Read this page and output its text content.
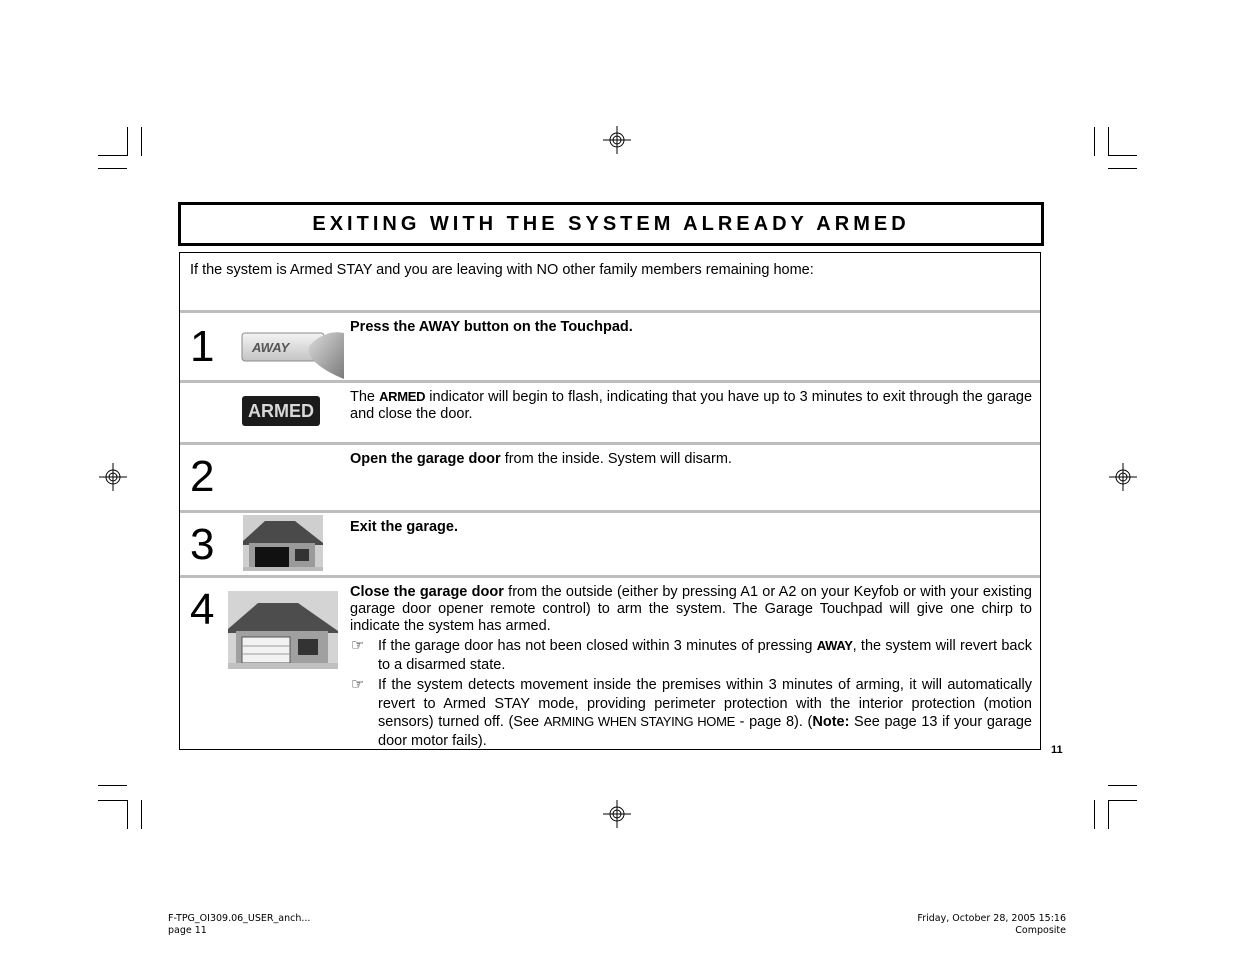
EXITING WITH THE SYSTEM ALREADY ARMED
If the system is Armed STAY and you are leaving with NO other family members remaining home:
1	AWAY
Press the AWAY button on the Touchpad.
ARMED
The ARMED indicator will begin to flash, indicating that you have up to 3 minutes to exit through the garage and close the door.
2	Open the garage door from the inside. System will disarm.
3	Exit the garage.
4	Close the garage door from the outside (either by pressing A1 or A2 on your Keyfob or with your existing garage door opener remote control) to arm the system. The Garage Touchpad will give one chirp to indicate the system has armed.
☞ If the garage door has not been closed within 3 minutes of pressing AWAY, the system will revert back to a disarmed state.
☞ If the system detects movement inside the premises within 3 minutes of arming, it will automatically revert to Armed STAY mode, providing perimeter protection with the interior protection (motion sensors) turned off. (See ARMING WHEN STAYING HOME - page 8). (Note: See page 13 if your garage door motor fails).
11
F-TPG_OI309.06_USER_anch...
page 11
Friday, October 28, 2005 15:16
Composite
